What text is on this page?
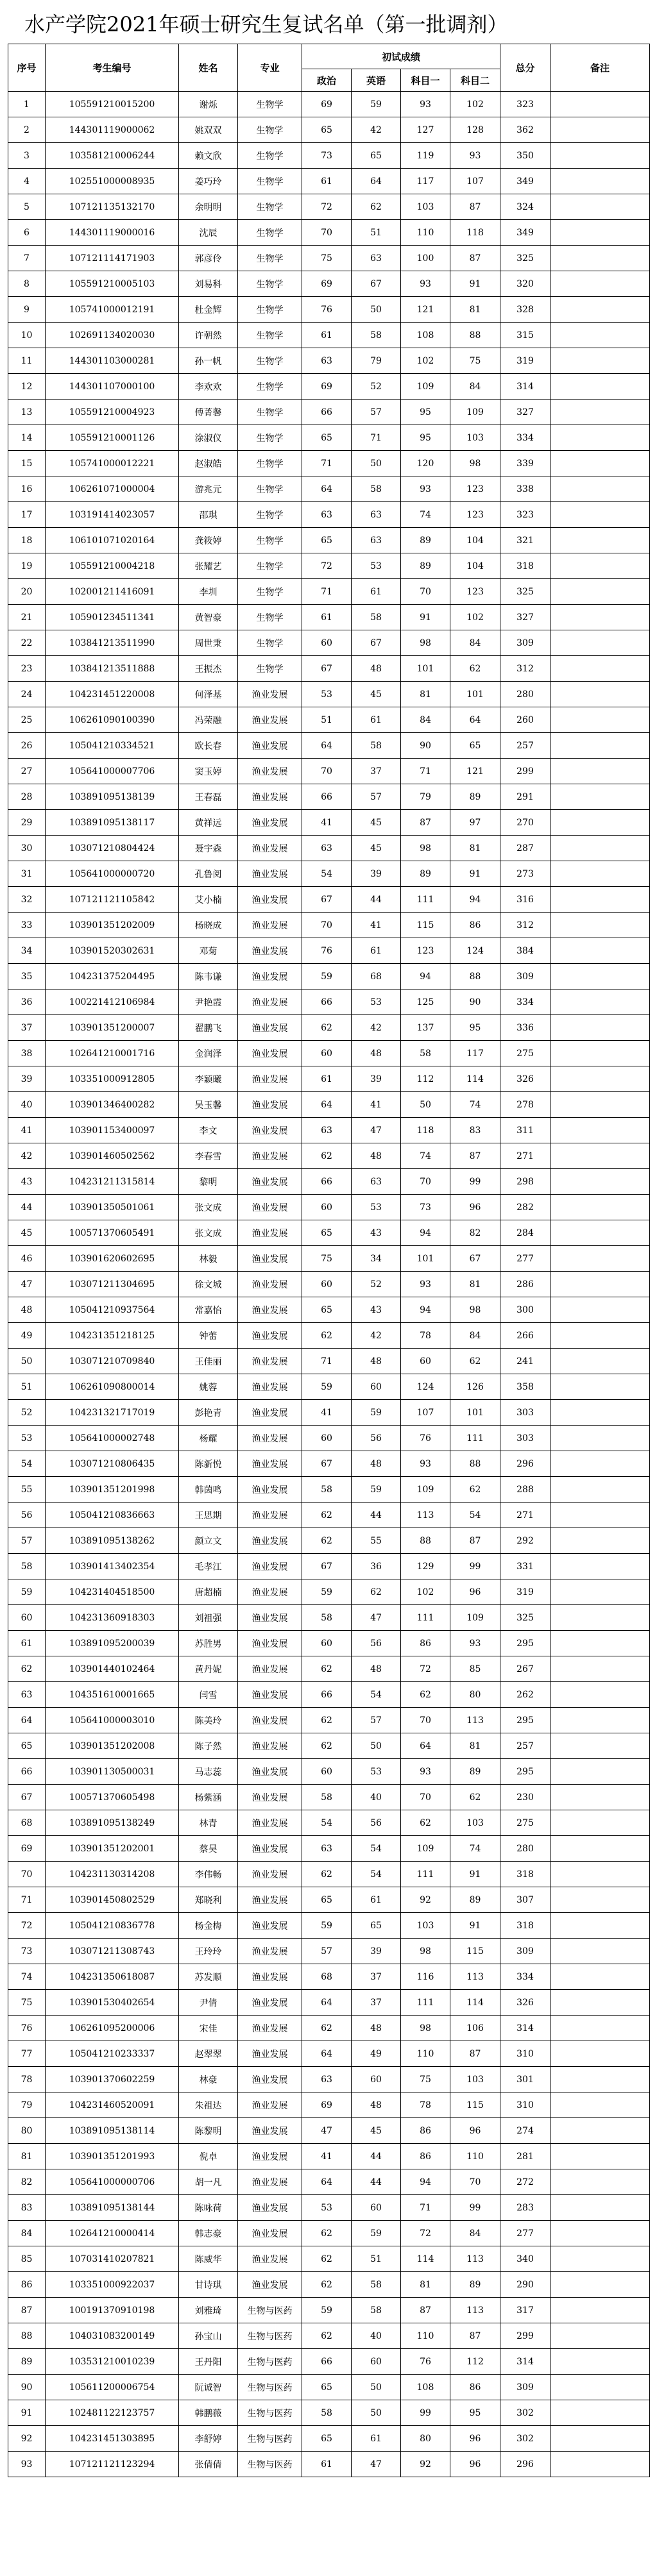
水产学院2021年硕士研究生复试名单（第一批调剂）
序号	考生编号	姓名	专业	初试成绩				总分	备注
				政治	英语	科目一	科目二		
1	105591210015200	谢烁	生物学	69	59	93	102	323	
2	144301119000062	姚双双	生物学	65	42	127	128	362	
3	103581210006244	赖文欣	生物学	73	65	119	93	350	
4	102551000008935	姜巧玲	生物学	61	64	117	107	349	
5	107121135132170	余明明	生物学	72	62	103	87	324	
6	144301119000016	沈辰	生物学	70	51	110	118	349	
7	107121114171903	郭彦伶	生物学	75	63	100	87	325	
8	105591210005103	刘易科	生物学	69	67	93	91	320	
9	105741000012191	杜金辉	生物学	76	50	121	81	328	
10	102691134020030	许朝然	生物学	61	58	108	88	315	
11	144301103000281	孙一帆	生物学	63	79	102	75	319	
12	144301107000100	李欢欢	生物学	69	52	109	84	314	
13	105591210004923	傅菁馨	生物学	66	57	95	109	327	
14	105591210001126	涂淑仪	生物学	65	71	95	103	334	
15	105741000012221	赵淑皓	生物学	71	50	120	98	339	
16	106261071000004	游兆元	生物学	64	58	93	123	338	
17	103191414023057	邵琪	生物学	63	63	74	123	323	
18	106101071020164	龚筱婷	生物学	65	63	89	104	321	
19	105591210004218	张耀艺	生物学	72	53	89	104	318	
20	102001211416091	李圳	生物学	71	61	70	123	325	
21	105901234511341	黄智豪	生物学	61	58	91	102	327	
22	103841213511990	周世秉	生物学	60	67	98	84	309	
23	103841213511888	王振杰	生物学	67	48	101	62	312	
24	104231451220008	何泽基	渔业发展	53	45	81	101	280	
25	106261090100390	冯荣融	渔业发展	51	61	84	64	260	
26	105041210334521	欧长春	渔业发展	64	58	90	65	257	
27	105641000007706	窦玉婷	渔业发展	70	37	71	121	299	
28	103891095138139	王春磊	渔业发展	66	57	79	89	291	
29	103891095138117	黄祥远	渔业发展	41	45	87	97	270	
30	103071210804424	聂宇森	渔业发展	63	45	98	81	287	
31	105641000000720	孔鲁阅	渔业发展	54	39	89	91	273	
32	107121121105842	艾小楠	渔业发展	67	44	111	94	316	
33	103901351202009	杨晓成	渔业发展	70	41	115	86	312	
34	103901520302631	邓菊	渔业发展	76	61	123	124	384	
35	104231375204495	陈韦谦	渔业发展	59	68	94	88	309	
36	100221412106984	尹艳霞	渔业发展	66	53	125	90	334	
37	103901351200007	翟鹏飞	渔业发展	62	42	137	95	336	
38	102641210001716	金润泽	渔业发展	60	48	58	117	275	
39	103351000912805	李颖曦	渔业发展	61	39	112	114	326	
40	103901346400282	吴玉馨	渔业发展	64	41	50	74	278	
41	103901153400097	李文	渔业发展	63	47	118	83	311	
42	103901460502562	李春雪	渔业发展	62	48	74	87	271	
43	104231211315814	黎明	渔业发展	66	63	70	99	298	
44	103901350501061	张文成	渔业发展	60	53	73	96	282	
45	100571370605491	张文成	渔业发展	65	43	94	82	284	
46	103901620602695	林毅	渔业发展	75	34	101	67	277	
47	103071211304695	徐文城	渔业发展	60	52	93	81	286	
48	105041210937564	常嘉怡	渔业发展	65	43	94	98	300	
49	104231351218125	钟蕾	渔业发展	62	42	78	84	266	
50	103071210709840	王佳丽	渔业发展	71	48	60	62	241	
51	106261090800014	姚蓉	渔业发展	59	60	124	126	358	
52	104231321717019	彭艳青	渔业发展	41	59	107	101	303	
53	105641000002748	杨耀	渔业发展	60	56	76	111	303	
54	103071210806435	陈新悦	渔业发展	67	48	93	88	296	
55	103901351201998	韩茵鸣	渔业发展	58	59	109	62	288	
56	105041210836663	王思期	渔业发展	62	44	113	54	271	
57	103891095138262	颜立文	渔业发展	62	55	88	87	292	
58	103901413402354	毛孝江	渔业发展	67	36	129	99	331	
59	104231404518500	唐超楠	渔业发展	59	62	102	96	319	
60	104231360918303	刘祖强	渔业发展	58	47	111	109	325	
61	103891095200039	苏胜男	渔业发展	60	56	86	93	295	
62	103901440102464	黄丹妮	渔业发展	62	48	72	85	267	
63	104351610001665	闫雪	渔业发展	66	54	62	80	262	
64	105641000003010	陈美玲	渔业发展	62	57	70	113	295	
65	103901351202008	陈子然	渔业发展	62	50	64	81	257	
66	103901130500031	马志蕊	渔业发展	60	53	93	89	295	
67	100571370605498	杨紫涵	渔业发展	58	40	70	62	230	
68	103891095138249	林青	渔业发展	54	56	62	103	275	
69	103901351202001	蔡昊	渔业发展	63	54	109	74	280	
70	104231130314208	李伟畅	渔业发展	62	54	111	91	318	
71	103901450802529	郑晓利	渔业发展	65	61	92	89	307	
72	105041210836778	杨金梅	渔业发展	59	65	103	91	318	
73	103071211308743	王玲玲	渔业发展	57	39	98	115	309	
74	104231350618087	苏发顺	渔业发展	68	37	116	113	334	
75	103901530402654	尹倩	渔业发展	64	37	111	114	326	
76	106261095200006	宋佳	渔业发展	62	48	98	106	314	
77	105041210233337	赵翠翠	渔业发展	64	49	110	87	310	
78	103901370602259	林豪	渔业发展	63	60	75	103	301	
79	104231460520091	朱祖达	渔业发展	69	48	78	115	310	
80	103891095138114	陈黎明	渔业发展	47	45	86	96	274	
81	103901351201993	倪卓	渔业发展	41	44	86	110	281	
82	105641000000706	胡一凡	渔业发展	64	44	94	70	272	
83	103891095138144	陈咏荷	渔业发展	53	60	71	99	283	
84	102641210000414	韩志豪	渔业发展	62	59	72	84	277	
85	107031410207821	陈威华	渔业发展	62	51	114	113	340	
86	103351000922037	甘诗琪	渔业发展	62	58	81	89	290	
87	100191370910198	刘雅琦	生物与医药	59	58	87	113	317	
88	104031083200149	孙宝山	生物与医药	62	40	110	87	299	
89	103531210010239	王丹阳	生物与医药	66	60	76	112	314	
90	105611200006754	阮诚智	生物与医药	65	50	108	86	309	
91	102481122123757	韩鹏薇	生物与医药	58	50	99	95	302	
92	104231451303895	李舒婷	生物与医药	65	61	80	96	302	
93	107121121123294	张倩倩	生物与医药	61	47	92	96	296	
